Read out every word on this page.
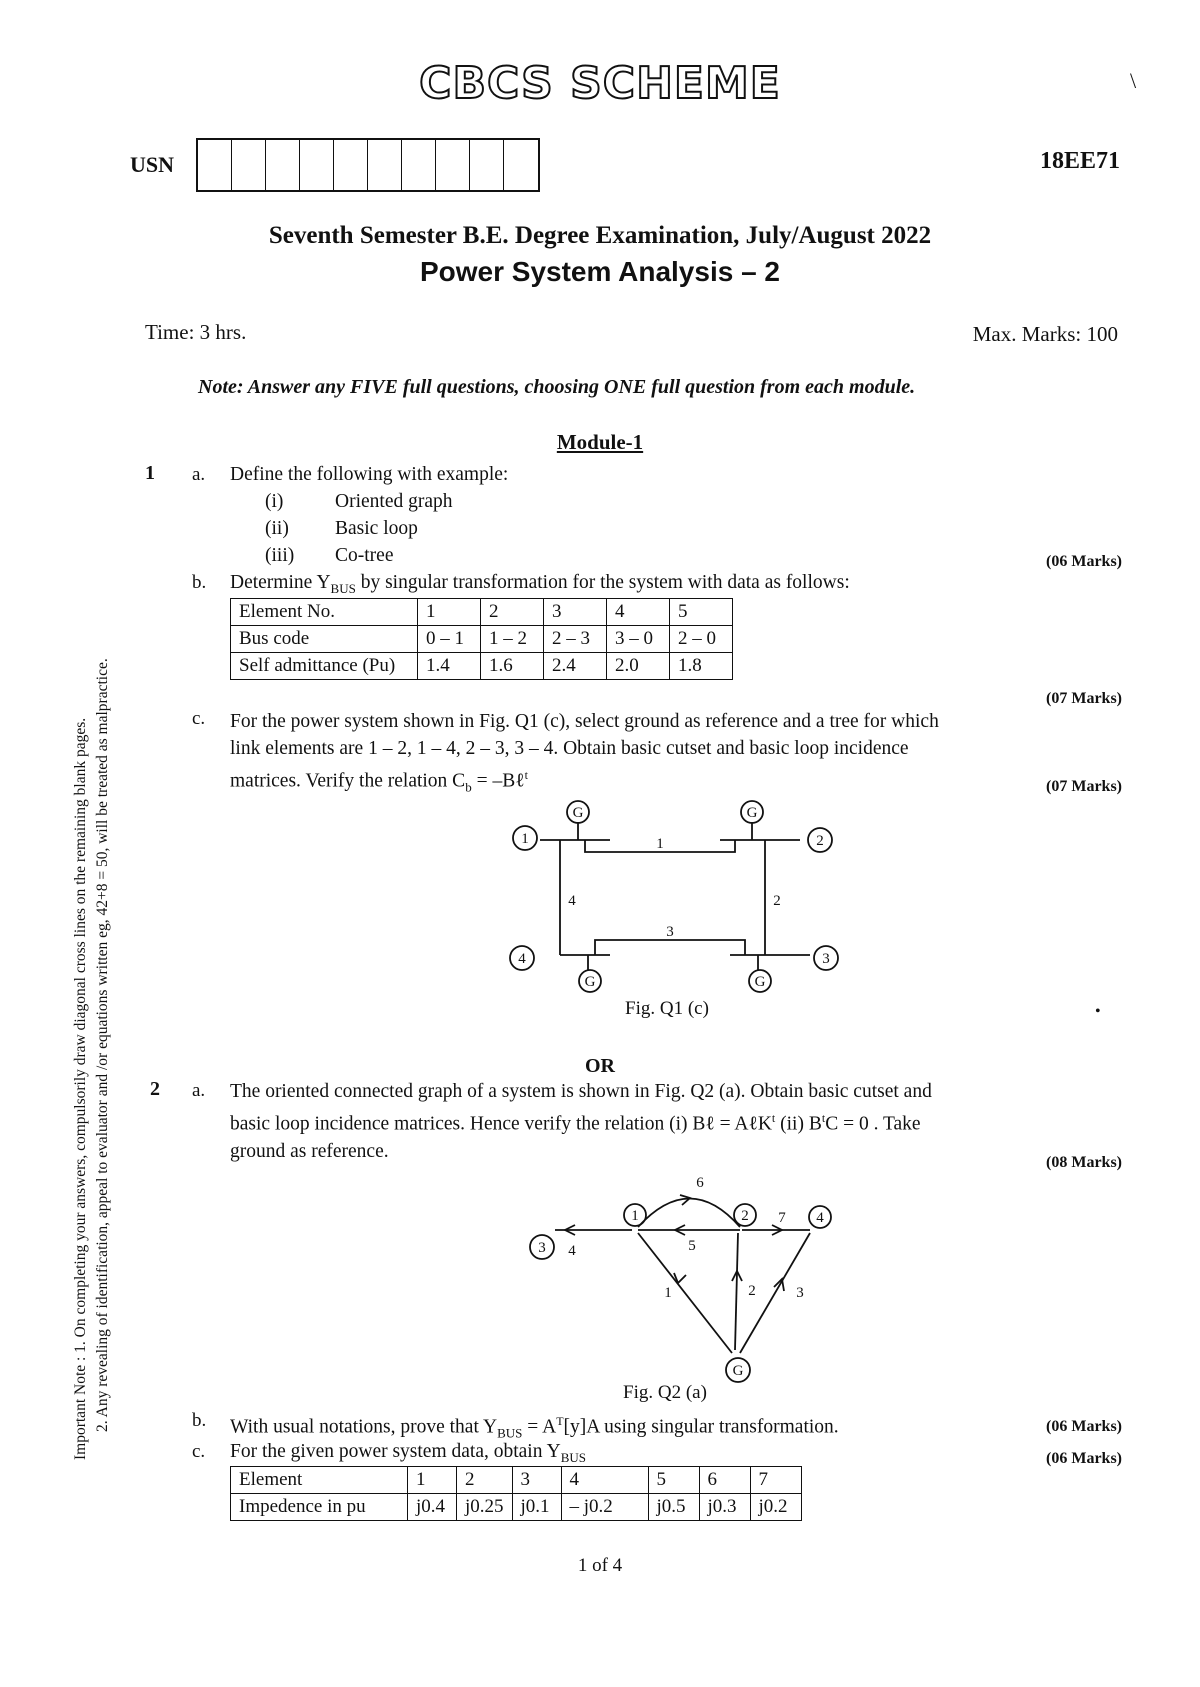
CBCS SCHEME	\
USN	18EE71
Seventh Semester B.E. Degree Examination, July/August 2022
Power System Analysis – 2
Time: 3 hrs.	Max. Marks: 100
Note: Answer any FIVE full questions, choosing ONE full question from each module.
Important Note : 1. On completing your answers, compulsorily draw diagonal cross lines on the remaining blank pages. 2. Any revealing of identification, appeal to evaluator and /or equations written eg, 42+8 = 50, will be treated as malpractice.
Module-1
1 a. Define the following with example:
(i)	Oriented graph
(ii) Basic loop
(iii) Co-tree	(06 Marks)
b. Determine $Y_{BUS}$ by singular transformation for the system with data as follows:
Element No.	1	2	3	4	5
Bus code	0 – 1	1 – 2	2 – 3	3 – 0	2 – 0
Self admittance (Pu)	1.4	1.6	2.4	2.0	1.8
(07 Marks)
c. For the power system shown in Fig. Q1 (c), select ground as reference and a tree for which
link elements are 1 – 2, 1 – 4, 2 – 3, 3 – 4. Obtain basic cutset and basic loop incidence
matrices. Verify the relation $C_b$ = –Bℓ$^t$
(07 Marks)
G	G
G	G
1	2
3
4
1
2
3
4
Fig. Q1 (c)	•
OR
2 a. The oriented connected graph of a system is shown in Fig. Q2 (a). Obtain basic cutset and
basic loop incidence matrices. Hence verify the relation (i) Bℓ = AℓK$^t$ (ii) $B^tC = 0$ . Take
ground as reference.
(08 Marks)
1	2
3
4
G
1	2	3
4	5
6
7
Fig. Q2 (a)
b. With usual notations, prove that $Y_{BUS} = A^T[y]A$ using singular transformation.	(06 Marks)
c. For the given power system data, obtain $Y_{BUS}$	(06 Marks)
Element	1	2	3	4	5	6	7
Impedence in pu	j0.4	j0.25	j0.1	– j0.2	j0.5	j0.3	j0.2
1 of 4
